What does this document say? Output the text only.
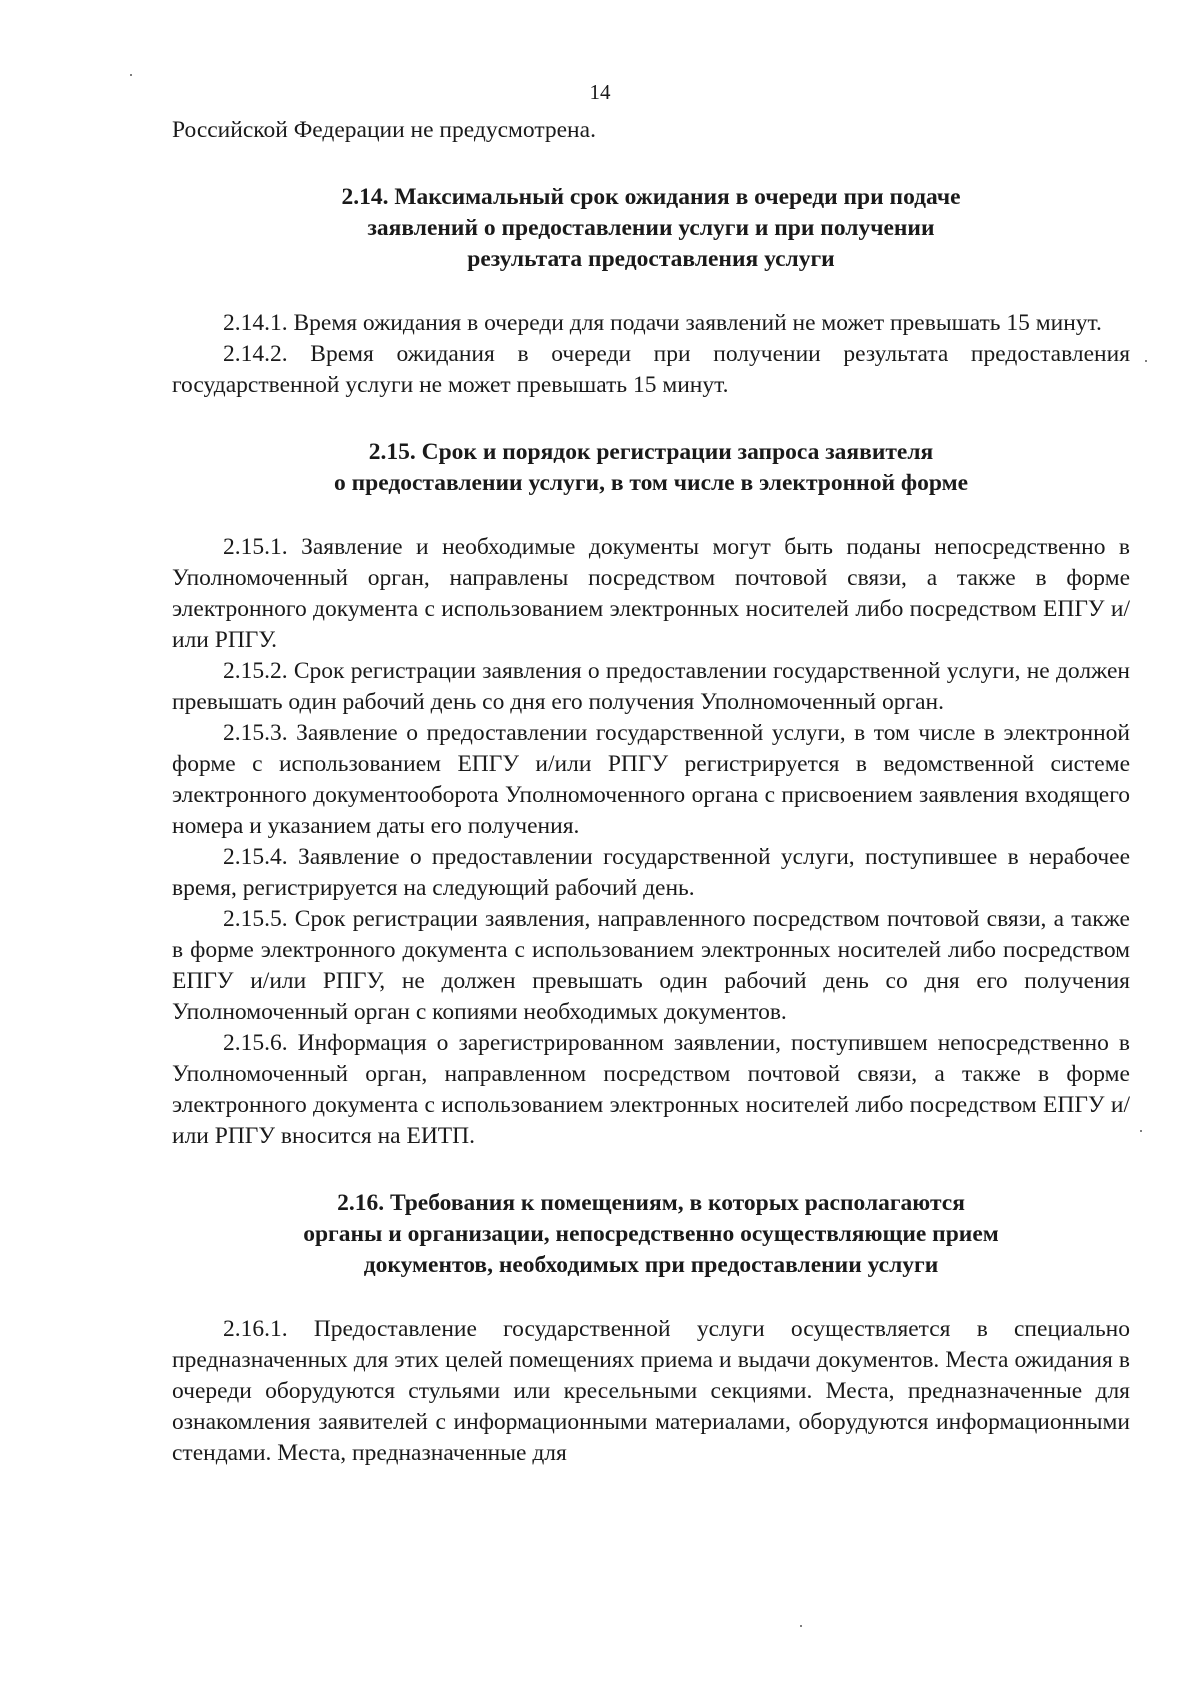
14

Российской Федерации не предусмотрена.

2.14. Максимальный срок ожидания в очереди при подаче
заявлений о предоставлении услуги и при получении
результата предоставления услуги

2.14.1. Время ожидания в очереди для подачи заявлений не может превышать 15 минут.

2.14.2. Время ожидания в очереди при получении результата предоставления государственной услуги не может превышать 15 минут.

2.15. Срок и порядок регистрации запроса заявителя
о предоставлении услуги, в том числе в электронной форме

2.15.1. Заявление и необходимые документы могут быть поданы непосредственно в Уполномоченный орган, направлены посредством почтовой связи, а также в форме электронного документа с использованием электронных носителей либо посредством ЕПГУ и/или РПГУ.

2.15.2. Срок регистрации заявления о предоставлении государственной услуги, не должен превышать один рабочий день со дня его получения Уполномоченный орган.

2.15.3. Заявление о предоставлении государственной услуги, в том числе в электронной форме с использованием ЕПГУ и/или РПГУ регистрируется в ведомственной системе электронного документооборота Уполномоченного органа с присвоением заявления входящего номера и указанием даты его получения.

2.15.4. Заявление о предоставлении государственной услуги, поступившее в нерабочее время, регистрируется на следующий рабочий день.

2.15.5. Срок регистрации заявления, направленного посредством почтовой связи, а также в форме электронного документа с использованием электронных носителей либо посредством ЕПГУ и/или РПГУ, не должен превышать один рабочий день со дня его получения Уполномоченный орган с копиями необходимых документов.

2.15.6. Информация о зарегистрированном заявлении, поступившем непосредственно в Уполномоченный орган, направленном посредством почтовой связи, а также в форме электронного документа с использованием электронных носителей либо посредством ЕПГУ и/или РПГУ вносится на ЕИТП.

2.16. Требования к помещениям, в которых располагаются
органы и организации, непосредственно осуществляющие прием
документов, необходимых при предоставлении услуги

2.16.1. Предоставление государственной услуги осуществляется в специально предназначенных для этих целей помещениях приема и выдачи документов. Места ожидания в очереди оборудуются стульями или кресельными секциями. Места, предназначенные для ознакомления заявителей с информационными материалами, оборудуются информационными стендами. Места, предназначенные для
